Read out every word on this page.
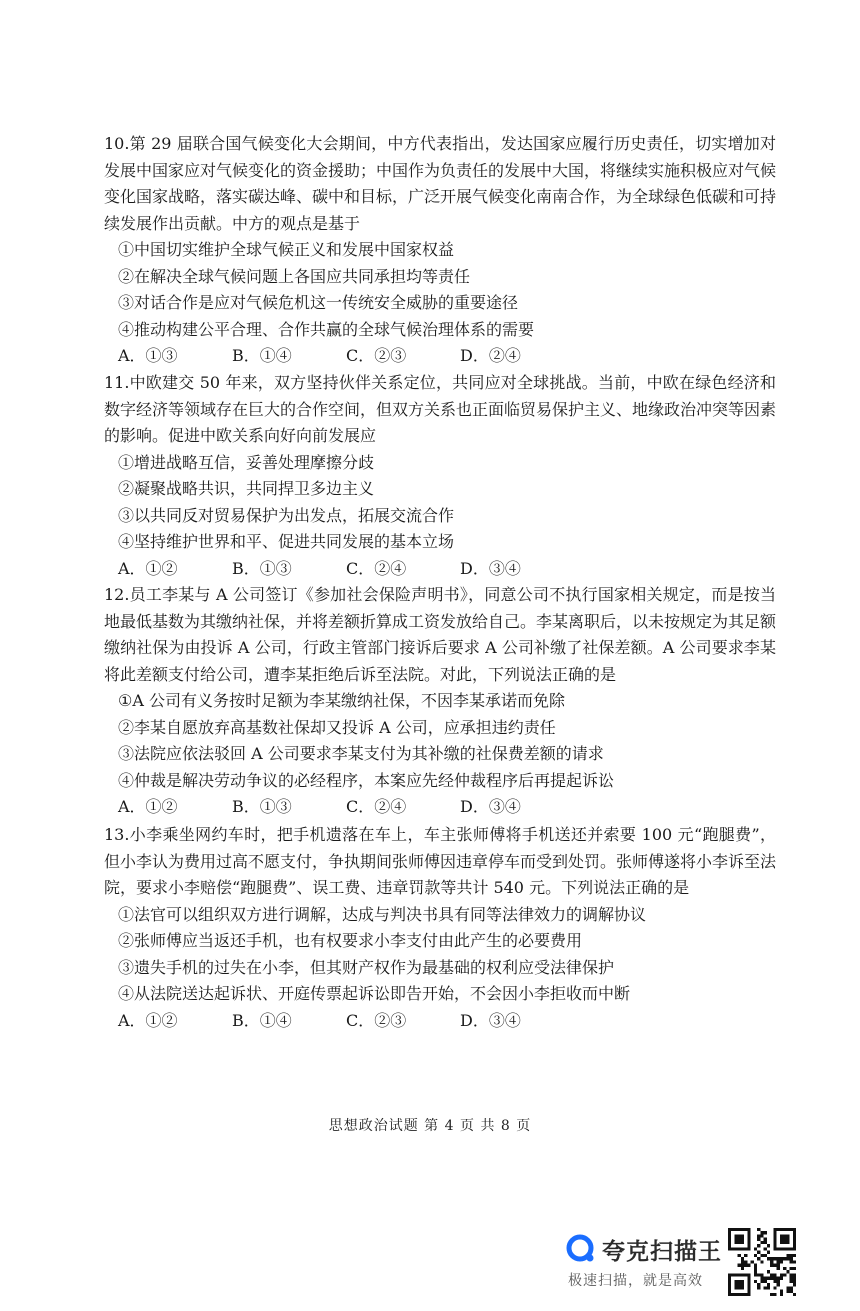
10.第 29 届联合国气候变化大会期间，中方代表指出，发达国家应履行历史责任，切实增加对发展中国家应对气候变化的资金援助；中国作为负责任的发展中大国，将继续实施积极应对气候变化国家战略，落实碳达峰、碳中和目标，广泛开展气候变化南南合作，为全球绿色低碳和可持续发展作出贡献。中方的观点是基于

①中国切实维护全球气候正义和发展中国家权益

②在解决全球气候问题上各国应共同承担均等责任

③对话合作是应对气候危机这一传统安全威胁的重要途径

④推动构建公平合理、合作共赢的全球气候治理体系的需要

A．①③	B．①④	C．②③	D．②④

11.中欧建交 50 年来，双方坚持伙伴关系定位，共同应对全球挑战。当前，中欧在绿色经济和数字经济等领域存在巨大的合作空间，但双方关系也正面临贸易保护主义、地缘政治冲突等因素的影响。促进中欧关系向好向前发展应

①增进战略互信，妥善处理摩擦分歧

②凝聚战略共识，共同捍卫多边主义

③以共同反对贸易保护为出发点，拓展交流合作

④坚持维护世界和平、促进共同发展的基本立场

A．①②	B．①③	C．②④	D．③④

12.员工李某与 A 公司签订《参加社会保险声明书》，同意公司不执行国家相关规定，而是按当地最低基数为其缴纳社保，并将差额折算成工资发放给自己。李某离职后，以未按规定为其足额缴纳社保为由投诉 A 公司，行政主管部门接诉后要求 A 公司补缴了社保差额。A 公司要求李某将此差额支付给公司，遭李某拒绝后诉至法院。对此，下列说法正确的是

①A 公司有义务按时足额为李某缴纳社保，不因李某承诺而免除

②李某自愿放弃高基数社保却又投诉 A 公司，应承担违约责任

③法院应依法驳回 A 公司要求李某支付为其补缴的社保费差额的请求

④仲裁是解决劳动争议的必经程序，本案应先经仲裁程序后再提起诉讼

A．①②	B．①③	C．②④	D．③④

13.小李乘坐网约车时，把手机遗落在车上，车主张师傅将手机送还并索要 100 元“跑腿费”，但小李认为费用过高不愿支付，争执期间张师傅因违章停车而受到处罚。张师傅遂将小李诉至法院，要求小李赔偿“跑腿费”、误工费、违章罚款等共计 540 元。下列说法正确的是

①法官可以组织双方进行调解，达成与判决书具有同等法律效力的调解协议

②张师傅应当返还手机，也有权要求小李支付由此产生的必要费用

③遗失手机的过失在小李，但其财产权作为最基础的权利应受法律保护

④从法院送达起诉状、开庭传票起诉讼即告开始，不会因小李拒收而中断

A．①②	B．①④	C．②③	D．③④
思想政治试题 第 4 页 共 8 页
夸克扫描王
极速扫描，就是高效
